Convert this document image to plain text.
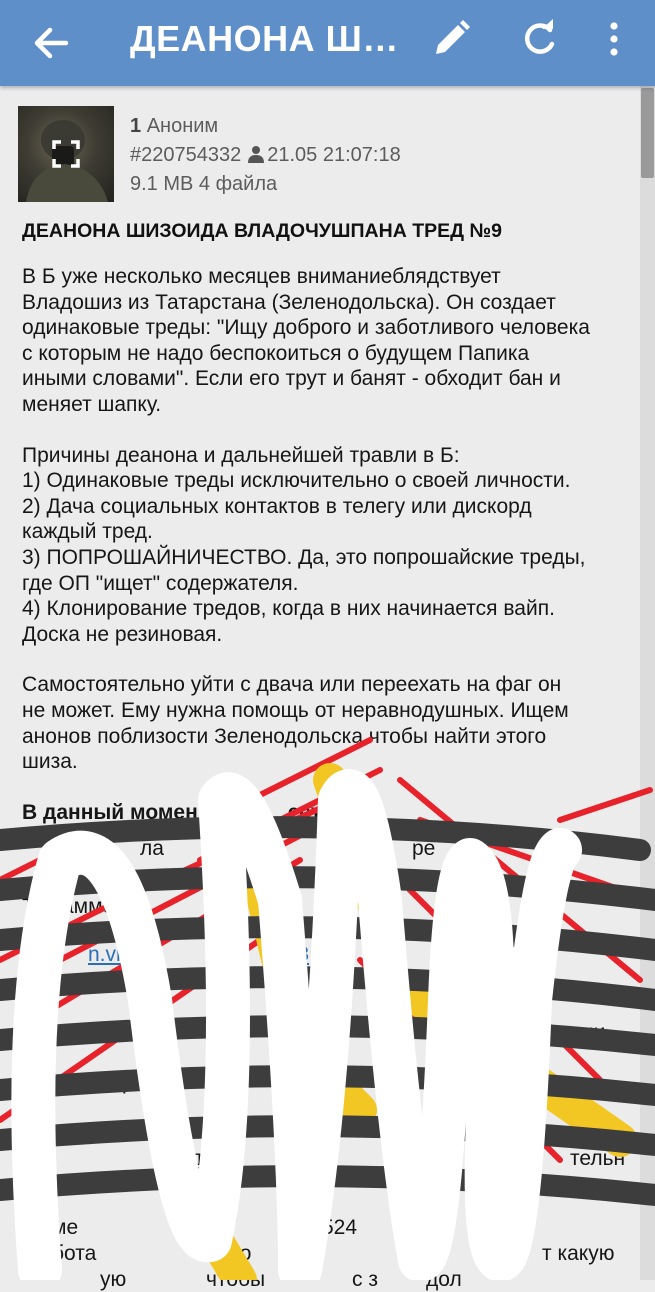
ДЕАНОНА Ш…
1 Аноним
#220754332 21.05 21:07:18
9.1 MB 4 файла
ДЕАНОНА ШИЗОИДА ВЛАДОЧУШПАНА ТРЕД №9

В Б уже несколько месяцев вниманиеблядствует
Владошиз из Татарстана (Зеленодольска). Он создает
одинаковые треды: "Ищу доброго и заботливого человека
с которым не надо беспокоиться о будущем Папика
иными словами". Если его трут и банят - обходит бан и
меняет шапку.

Причины деанона и дальнейшей травли в Б:
1) Одинаковые треды исключительно о своей личности.
2) Дача социальных контактов в телегу или дискорд
каждый тред.
3) ПОПРОШАЙНИЧЕСТВО. Да, это попрошайские треды,
где ОП "ищет" содержателя.
4) Клонирование тредов, когда в них начинается вайп.
Доска не резиновая.

Самостоятельно уйти с двача или переехать на фаг он
не может. Ему нужна помощь от неравнодушных. Ищем
анонов поблизости Зеленодольска чтобы найти этого
шиза.

В данный момен	естно
ла	ре
Т аммо
h	n.vk.co	823
Ки	ни
8	ри	3,
д 3	тельн

ме	7 7	524
бота	Мо	т какую
ую	чтобы	с з дол
